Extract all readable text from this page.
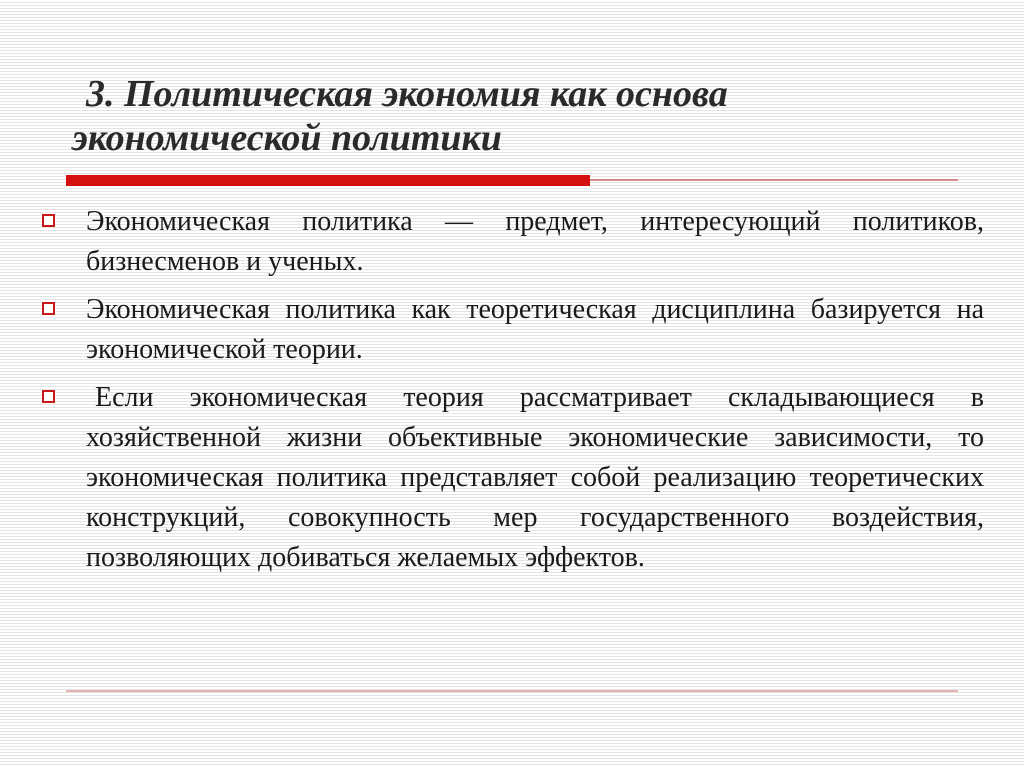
3. Политическая экономия как основа
экономической политики
Экономическая политика — предмет, интересующий политиков, бизнесменов и ученых.
Экономическая политика как теоретическая дисциплина базируется на экономической теории.
Если экономическая теория рассматривает складывающиеся в хозяйственной жизни объективные экономические зависимости, то экономическая политика представляет собой реализацию теоретических конструкций, совокупность мер государственного воздействия, позволяющих добиваться желаемых эффектов.
